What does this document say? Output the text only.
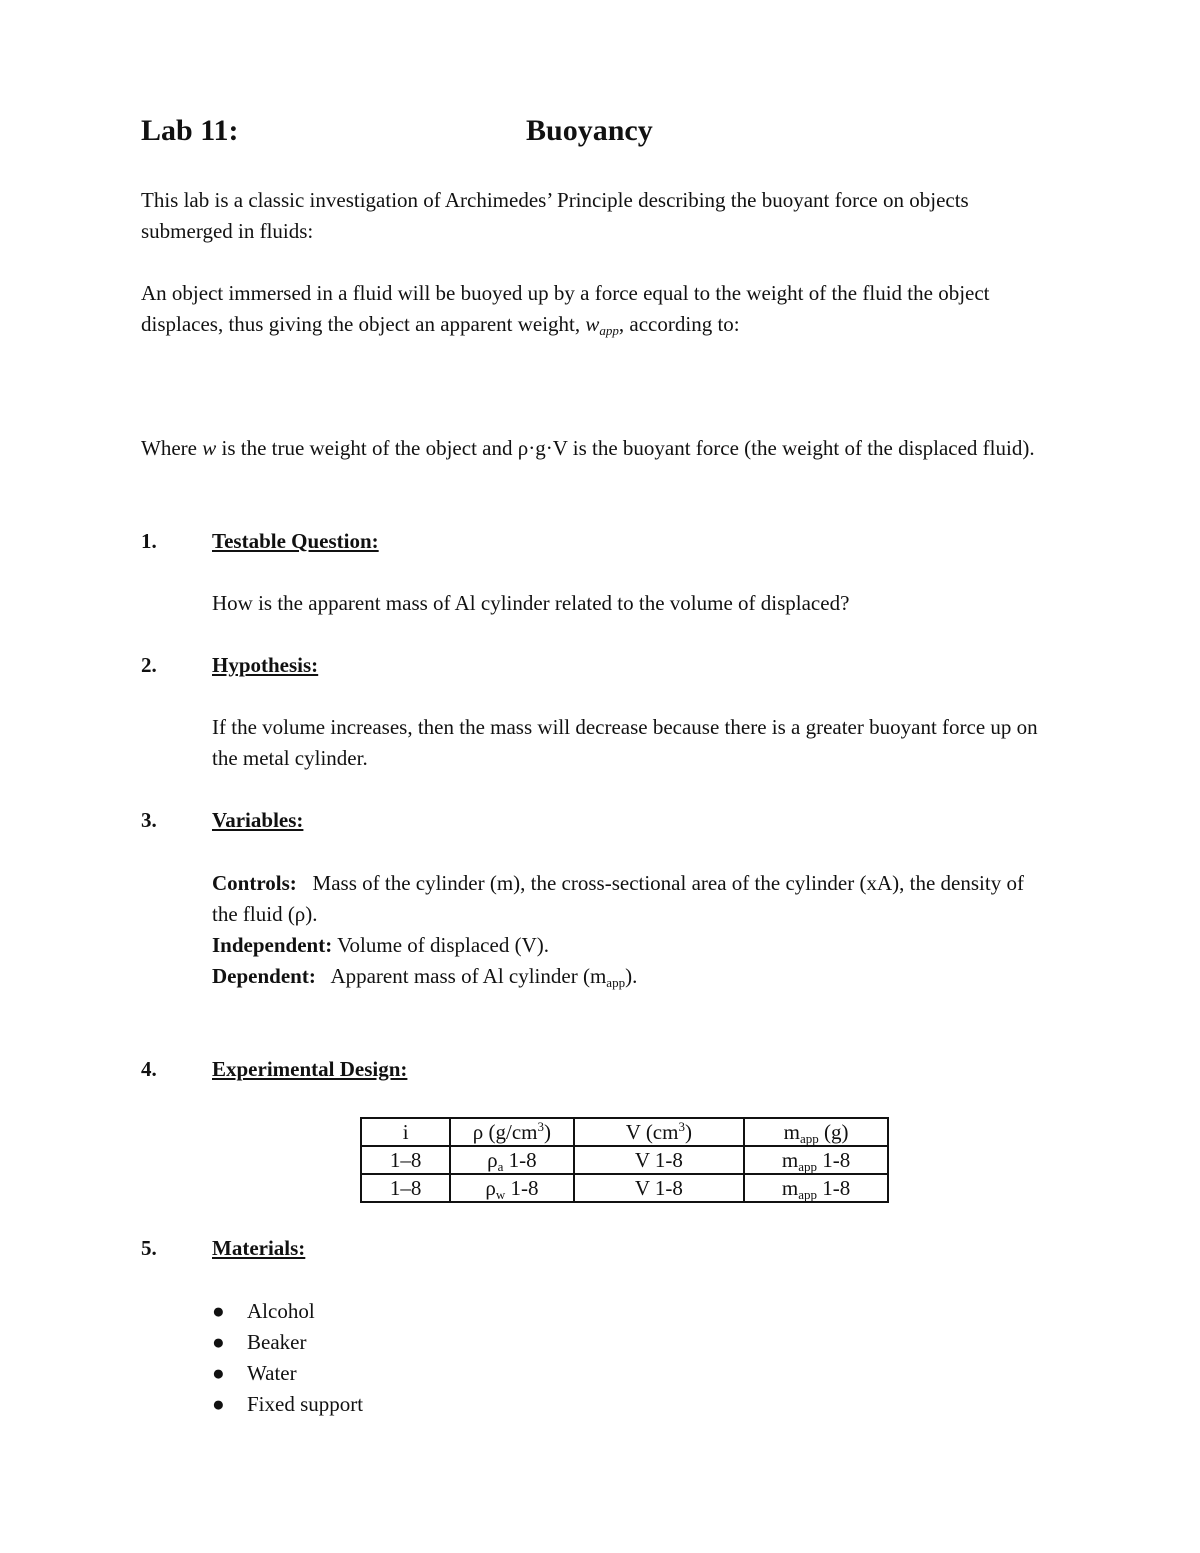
Lab 11:	Buoyancy
This lab is a classic investigation of Archimedes’ Principle describing the buoyant force on objects submerged in fluids:
An object immersed in a fluid will be buoyed up by a force equal to the weight of the fluid the object displaces, thus giving the object an apparent weight, $w_{app}$, according to:
Where w is the true weight of the object and ρ·g·V is the buoyant force (the weight of the displaced fluid).
1.	Testable Question:
How is the apparent mass of Al cylinder related to the volume of displaced?
2.	Hypothesis:
If the volume increases, then the mass will decrease because there is a greater buoyant force up on the metal cylinder.
3.	Variables:
Controls: Mass of the cylinder (m), the cross-sectional area of the cylinder (xA), the density of the fluid (ρ).
Independent: Volume of displaced (V).
Dependent: Apparent mass of Al cylinder $(m_{app})$.
4.	Experimental Design:
i	ρ $(g/cm^3)$	V $(cm^3)$	$m_{app}$ (g)
1–8	$\rho_a$ 1-8	V 1-8	$m_{app}$ 1-8
1–8	$\rho_w$ 1-8	V 1-8	$m_{app}$ 1-8
5.	Materials:
● Alcohol
● Beaker
● Water
● Fixed support
